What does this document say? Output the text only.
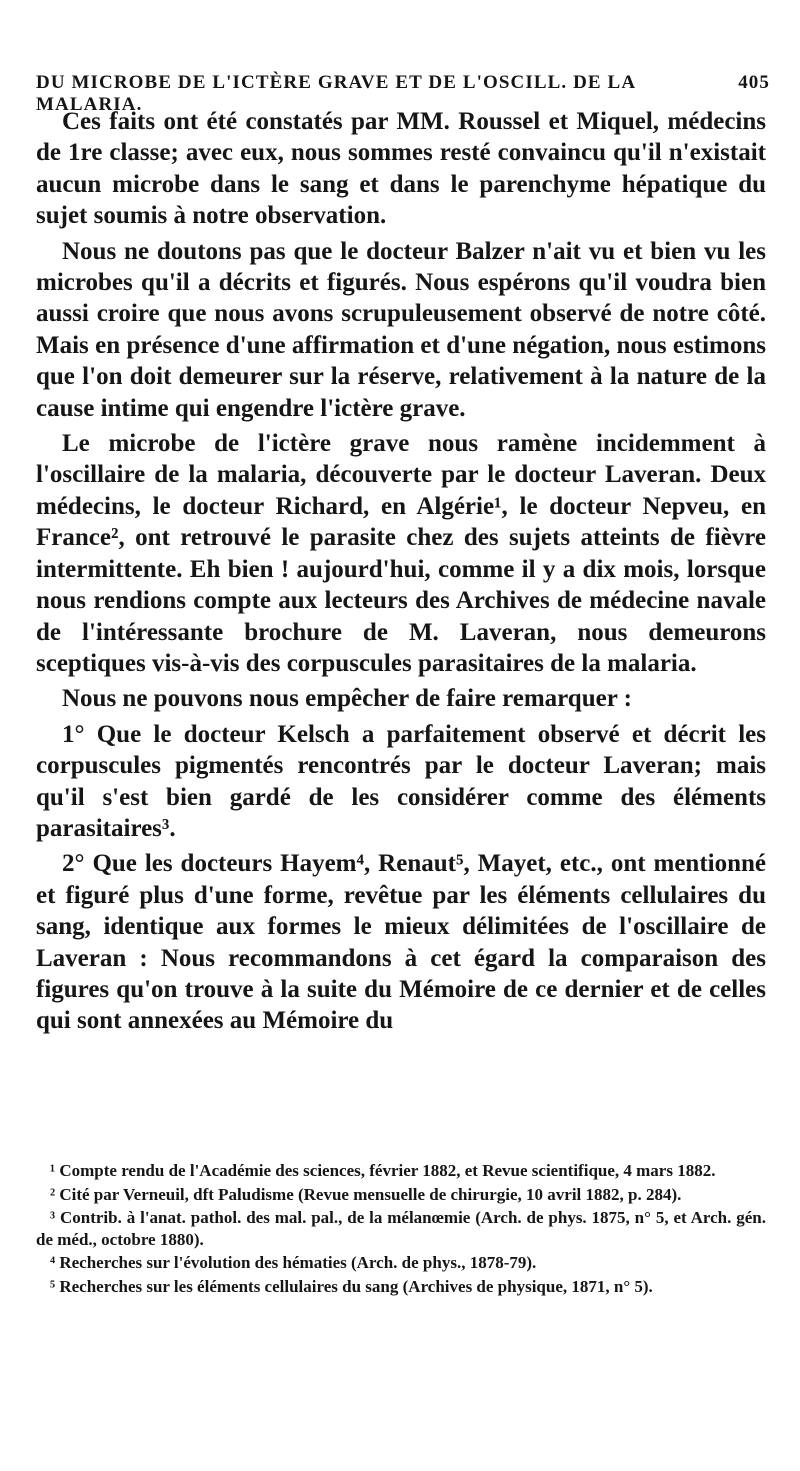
DU MICROBE DE L'ICTÈRE GRAVE ET DE L'OSCILL. DE LA MALARIA.
405

Ces faits ont été constatés par MM. Roussel et Miquel, médecins de 1re classe; avec eux, nous sommes resté convaincu qu'il n'existait aucun microbe dans le sang et dans le parenchyme hépatique du sujet soumis à notre observation.

Nous ne doutons pas que le docteur Balzer n'ait vu et bien vu les microbes qu'il a décrits et figurés. Nous espérons qu'il voudra bien aussi croire que nous avons scrupuleusement observé de notre côté. Mais en présence d'une affirmation et d'une négation, nous estimons que l'on doit demeurer sur la réserve, relativement à la nature de la cause intime qui engendre l'ictère grave.

Le microbe de l'ictère grave nous ramène incidemment à l'oscillaire de la malaria, découverte par le docteur Laveran. Deux médecins, le docteur Richard, en Algérie¹, le docteur Nepveu, en France², ont retrouvé le parasite chez des sujets atteints de fièvre intermittente. Eh bien ! aujourd'hui, comme il y a dix mois, lorsque nous rendions compte aux lecteurs des Archives de médecine navale de l'intéressante brochure de M. Laveran, nous demeurons sceptiques vis-à-vis des corpuscules parasitaires de la malaria.

Nous ne pouvons nous empêcher de faire remarquer :

1° Que le docteur Kelsch a parfaitement observé et décrit les corpuscules pigmentés rencontrés par le docteur Laveran; mais qu'il s'est bien gardé de les considérer comme des éléments parasitaires³.

2° Que les docteurs Hayem⁴, Renaut⁵, Mayet, etc., ont mentionné et figuré plus d'une forme, revêtue par les éléments cellulaires du sang, identique aux formes le mieux délimitées de l'oscillaire de Laveran : Nous recommandons à cet égard la comparaison des figures qu'on trouve à la suite du Mémoire de ce dernier et de celles qui sont annexées au Mémoire du

¹ Compte rendu de l'Académie des sciences, février 1882, et Revue scientifique, 4 mars 1882.

² Cité par Verneuil, dft Paludisme (Revue mensuelle de chirurgie, 10 avril 1882, p. 284).

³ Contrib. à l'anat. pathol. des mal. pal., de la mélanœmie (Arch. de phys. 1875, n° 5, et Arch. gén. de méd., octobre 1880).

⁴ Recherches sur l'évolution des hématies (Arch. de phys., 1878-79).

⁵ Recherches sur les éléments cellulaires du sang (Archives de physique, 1871, n° 5).
